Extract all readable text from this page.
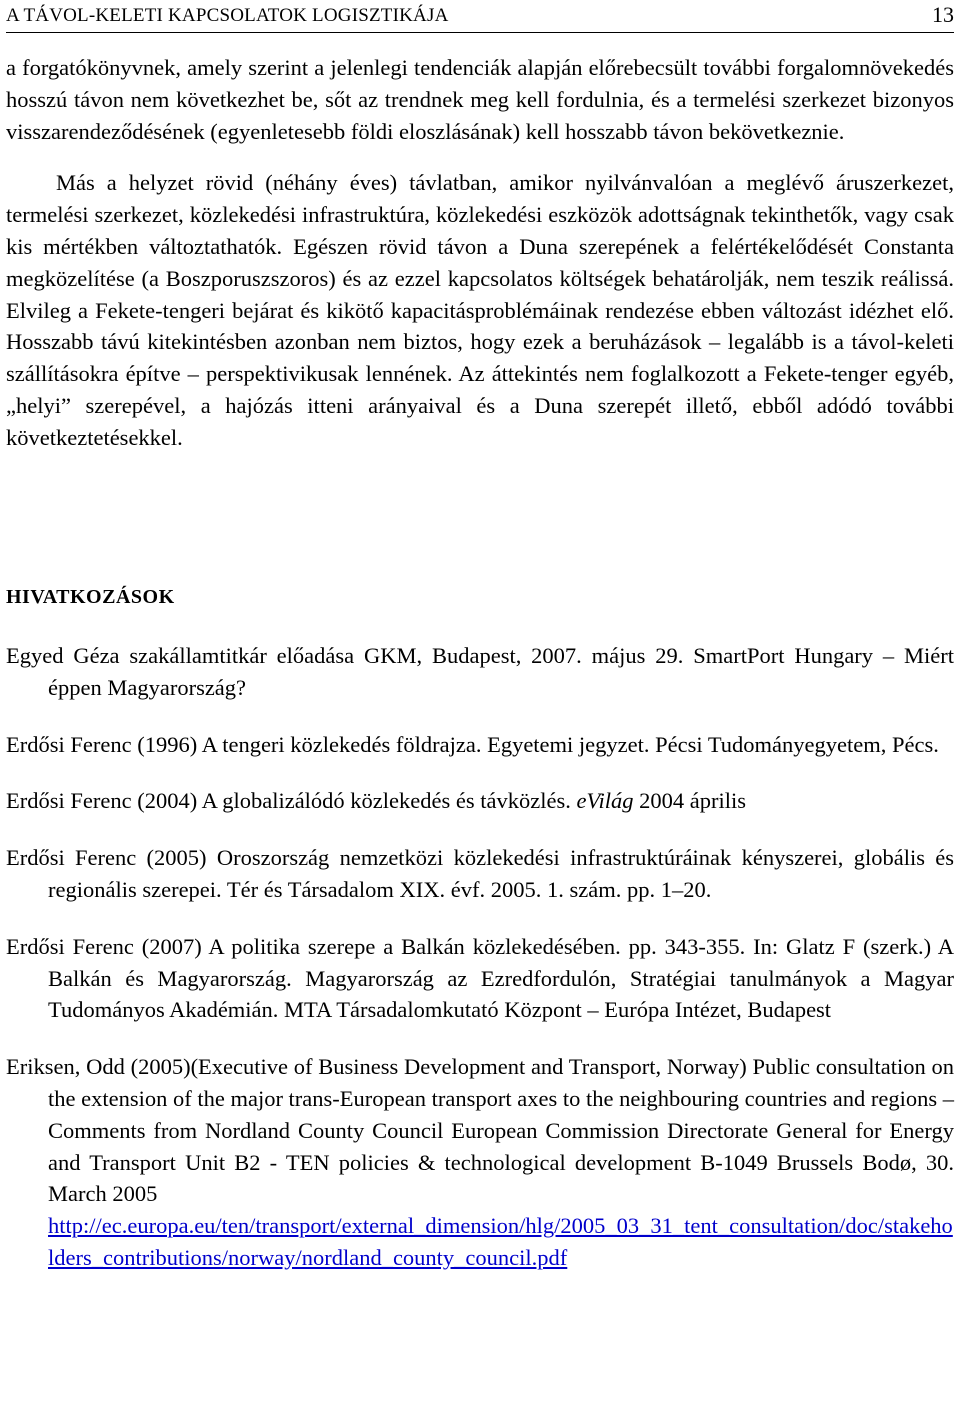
A TÁVOL-KELETI KAPCSOLATOK LOGISZTIKÁJA	13

a forgatókönyvnek, amely szerint a jelenlegi tendenciák alapján előrebecsült további forgalomnövekedés hosszú távon nem következhet be, sőt az trendnek meg kell fordulnia, és a termelési szerkezet bizonyos visszarendeződésének (egyenletesebb földi eloszlásának) kell hosszabb távon bekövetkeznie.

Más a helyzet rövid (néhány éves) távlatban, amikor nyilvánvalóan a meglévő áruszerkezet, termelési szerkezet, közlekedési infrastruktúra, közlekedési eszközök adottságnak tekinthetők, vagy csak kis mértékben változtathatók. Egészen rövid távon a Duna szerepének a felértékelődését Constanta megközelítése (a Boszporuszszoros) és az ezzel kapcsolatos költségek behatárolják, nem teszik reálissá. Elvileg a Fekete-tengeri bejárat és kikötő kapacitásproblémáinak rendezése ebben változást idézhet elő. Hosszabb távú kitekintésben azonban nem biztos, hogy ezek a beruházások – legalább is a távol-keleti szállításokra építve – perspektivikusak lennének. Az áttekintés nem foglalkozott a Fekete-tenger egyéb, „helyi” szerepével, a hajózás itteni arányaival és a Duna szerepét illető, ebből adódó további következtetésekkel.

HIVATKOZÁSOK

Egyed Géza szakállamtitkár előadása GKM, Budapest, 2007. május 29. SmartPort Hungary – Miért éppen Magyarország?

Erdősi Ferenc (1996) A tengeri közlekedés földrajza. Egyetemi jegyzet. Pécsi Tudományegyetem, Pécs.

Erdősi Ferenc (2004) A globalizálódó közlekedés és távközlés. eVilág 2004 április

Erdősi Ferenc (2005) Oroszország nemzetközi közlekedési infrastruktúráinak kényszerei, globális és regionális szerepei. Tér és Társadalom XIX. évf. 2005. 1. szám. pp. 1–20.

Erdősi Ferenc (2007) A politika szerepe a Balkán közlekedésében. pp. 343-355. In: Glatz F (szerk.) A Balkán és Magyarország. Magyarország az Ezredfordulón, Stratégiai tanulmányok a Magyar Tudományos Akadémián. MTA Társadalomkutató Központ – Európa Intézet, Budapest

Eriksen, Odd (2005)(Executive of Business Development and Transport, Norway) Public consultation on the extension of the major trans-European transport axes to the neighbouring countries and regions – Comments from Nordland County Council European Commission Directorate General for Energy and Transport Unit B2 - TEN policies & technological development B-1049 Brussels Bodø, 30. March 2005
http://ec.europa.eu/ten/transport/external_dimension/hlg/2005_03_31_tent_consultation/doc/stakeholders_contributions/norway/nordland_county_council.pdf
